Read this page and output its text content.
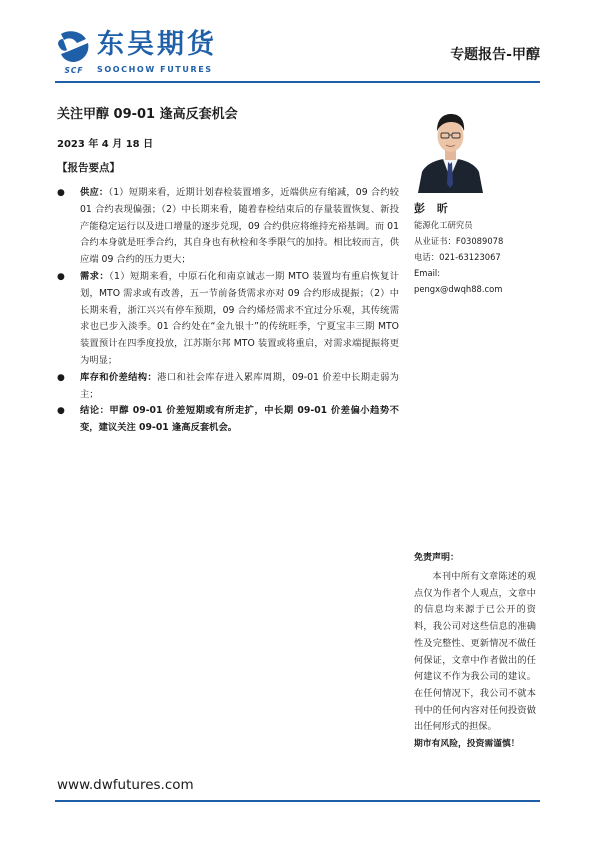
SCF
东吴期货
SOOCHOW FUTURES
专题报告-甲醇
关注甲醇 09-01 逢高反套机会
2023 年 4 月 18 日
【报告要点】
● 供应：（1）短期来看，近期计划春检装置增多，近端供应有缩减，09 合约较 01 合约表现偏强；（2）中长期来看，随着春检结束后的存量装置恢复、新投产能稳定运行以及进口增量的逐步兑现，09 合约供应将维持充裕基调。而 01 合约本身就是旺季合约，其自身也有秋检和冬季限气的加持。相比较而言，供应端 09 合约的压力更大；
● 需求：（1）短期来看，中原石化和南京诚志一期 MTO 装置均有重启恢复计划，MTO 需求或有改善，五一节前备货需求亦对 09 合约形成提振；（2）中长期来看，浙江兴兴有停车预期，09 合约烯烃需求不宜过分乐观，其传统需求也已步入淡季。01 合约处在“金九银十”的传统旺季，宁夏宝丰三期 MTO 装置预计在四季度投放，江苏斯尔邦 MTO 装置或将重启，对需求端提振将更为明显；
● 库存和价差结构：港口和社会库存进入累库周期，09-01 价差中长期走弱为主；
● 结论：甲醇 09-01 价差短期或有所走扩，中长期 09-01 价差偏小趋势不变，建议关注 09-01 逢高反套机会。
彭 昕
能源化工研究员
从业证书：F03089078
电话：021-63123067
Email:
pengx@dwqh88.com
免责声明：
本刊中所有文章陈述的观点仅为作者个人观点，文章中的信息均来源于已公开的资料，我公司对这些信息的准确性及完整性、更新情况不做任何保证，文章中作者做出的任何建议不作为我公司的建议。在任何情况下，我公司不就本刊中的任何内容对任何投资做出任何形式的担保。
期市有风险，投资需谨慎！
www.dwfutures.com
